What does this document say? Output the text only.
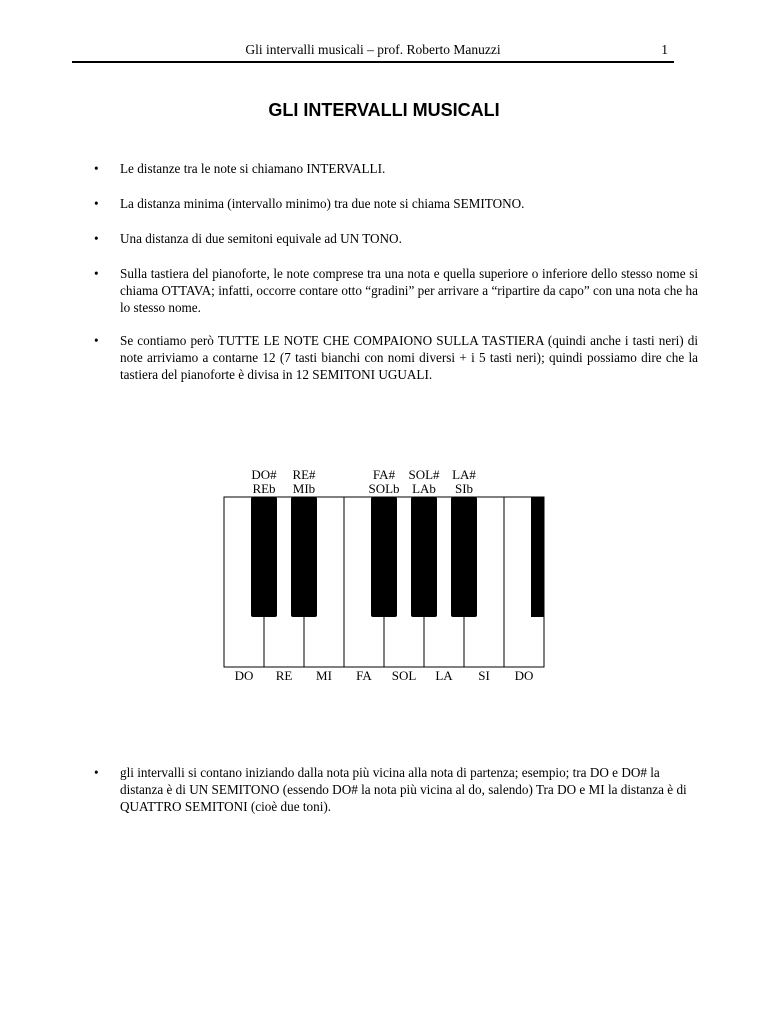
Gli intervalli musicali – prof. Roberto Manuzzi	1
GLI INTERVALLI MUSICALI
• Le distanze tra le note si chiamano INTERVALLI.
• La distanza minima (intervallo minimo) tra due note si chiama SEMITONO.
• Una distanza di due semitoni equivale ad UN TONO.
• Sulla tastiera del pianoforte, le note comprese tra una nota e quella superiore o inferiore dello stesso nome si chiama OTTAVA; infatti, occorre contare otto “gradini” per arrivare a “ripartire da capo” con una nota che ha lo stesso nome.
• Se contiamo però TUTTE LE NOTE CHE COMPAIONO SULLA TASTIERA (quindi anche i tasti neri) di note arriviamo a contarne 12 (7 tasti bianchi con nomi diversi + i 5 tasti neri); quindi possiamo dire che la tastiera del pianoforte è divisa in 12 SEMITONI UGUALI.
• gli intervalli si contano iniziando dalla nota più vicina alla nota di partenza; esempio; tra DO e DO# la distanza è di UN SEMITONO (essendo DO# la nota più vicina al do, salendo) Tra DO e MI la distanza è di QUATTRO SEMITONI (cioè due toni).
DO#
REb
RE#
MIb
FA#
SOLb
SOL#
LAb
LA#
SIb
DO RE MI FA SOL LA SI DO
